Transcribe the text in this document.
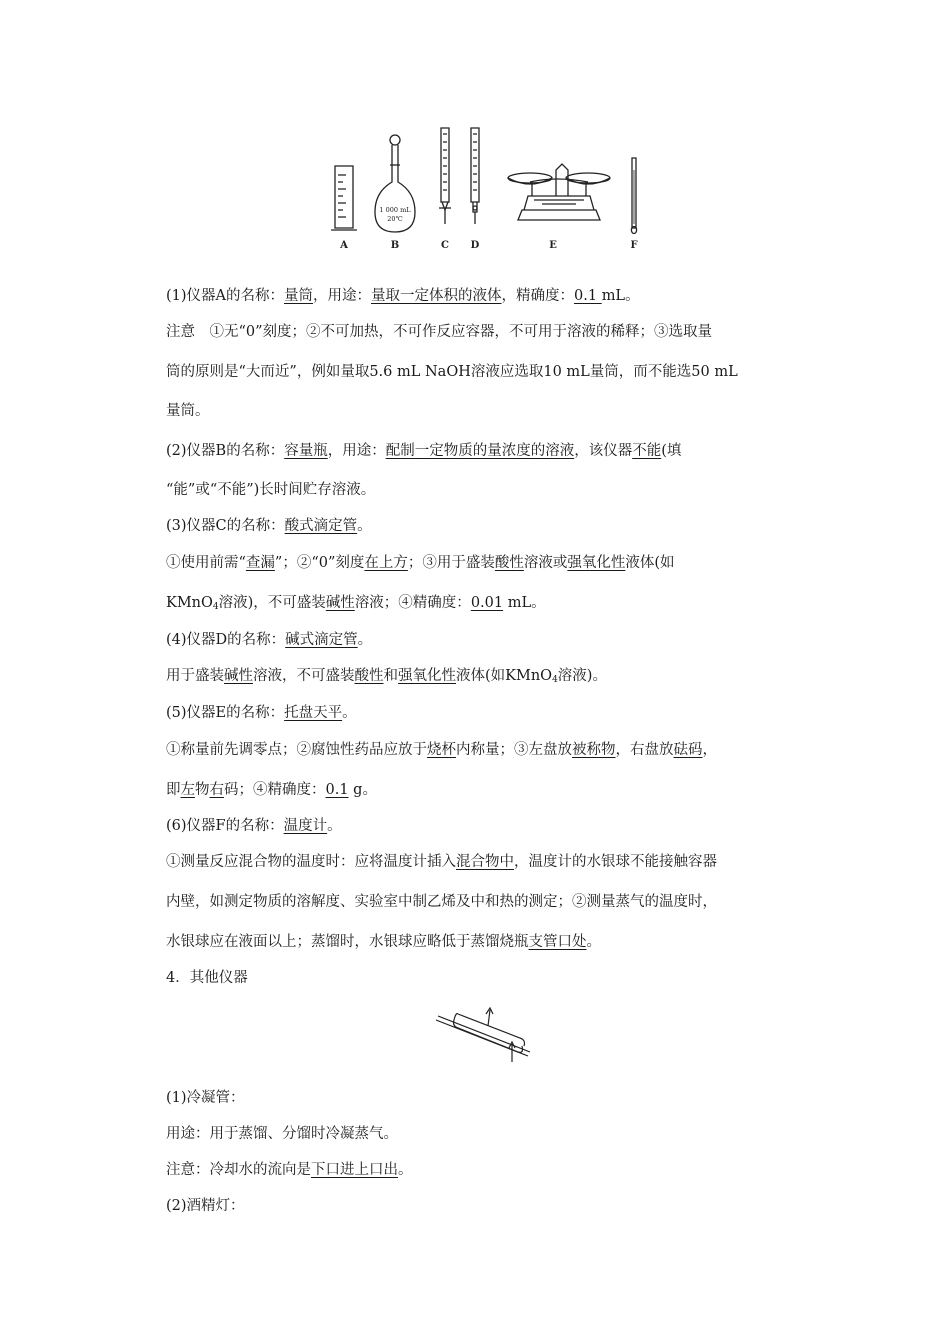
1 000 mL
20℃
A	B	C D	E	F
(1)仪器A的名称：量筒，用途：量取一定体积的液体，精确度：0.1 mL。
注意　①无“0”刻度；②不可加热，不可作反应容器，不可用于溶液的稀释；③选取量
筒的原则是“大而近”，例如量取5.6 mL NaOH溶液应选取10 mL量筒，而不能选50 mL
量筒。
(2)仪器B的名称：容量瓶，用途：配制一定物质的量浓度的溶液，该仪器不能(填
“能”或“不能”)长时间贮存溶液。
(3)仪器C的名称：酸式滴定管。
①使用前需“查漏”；②“0”刻度在上方；③用于盛装酸性溶液或强氧化性液体(如
KMnO$_4$溶液)，不可盛装碱性溶液；④精确度：0.01 mL。
(4)仪器D的名称：碱式滴定管。
用于盛装碱性溶液，不可盛装酸性和强氧化性液体(如KMnO$_4$溶液)。
(5)仪器E的名称：托盘天平。
①称量前先调零点；②腐蚀性药品应放于烧杯内称量；③左盘放被称物，右盘放砝码，
即左物右码；④精确度：0.1 g。
(6)仪器F的名称：温度计。
①测量反应混合物的温度时：应将温度计插入混合物中，温度计的水银球不能接触容器
内壁，如测定物质的溶解度、实验室中制乙烯及中和热的测定；②测量蒸气的温度时，
水银球应在液面以上；蒸馏时，水银球应略低于蒸馏烧瓶支管口处。
4．其他仪器
(1)冷凝管：
用途：用于蒸馏、分馏时冷凝蒸气。
注意：冷却水的流向是下口进上口出。
(2)酒精灯：
